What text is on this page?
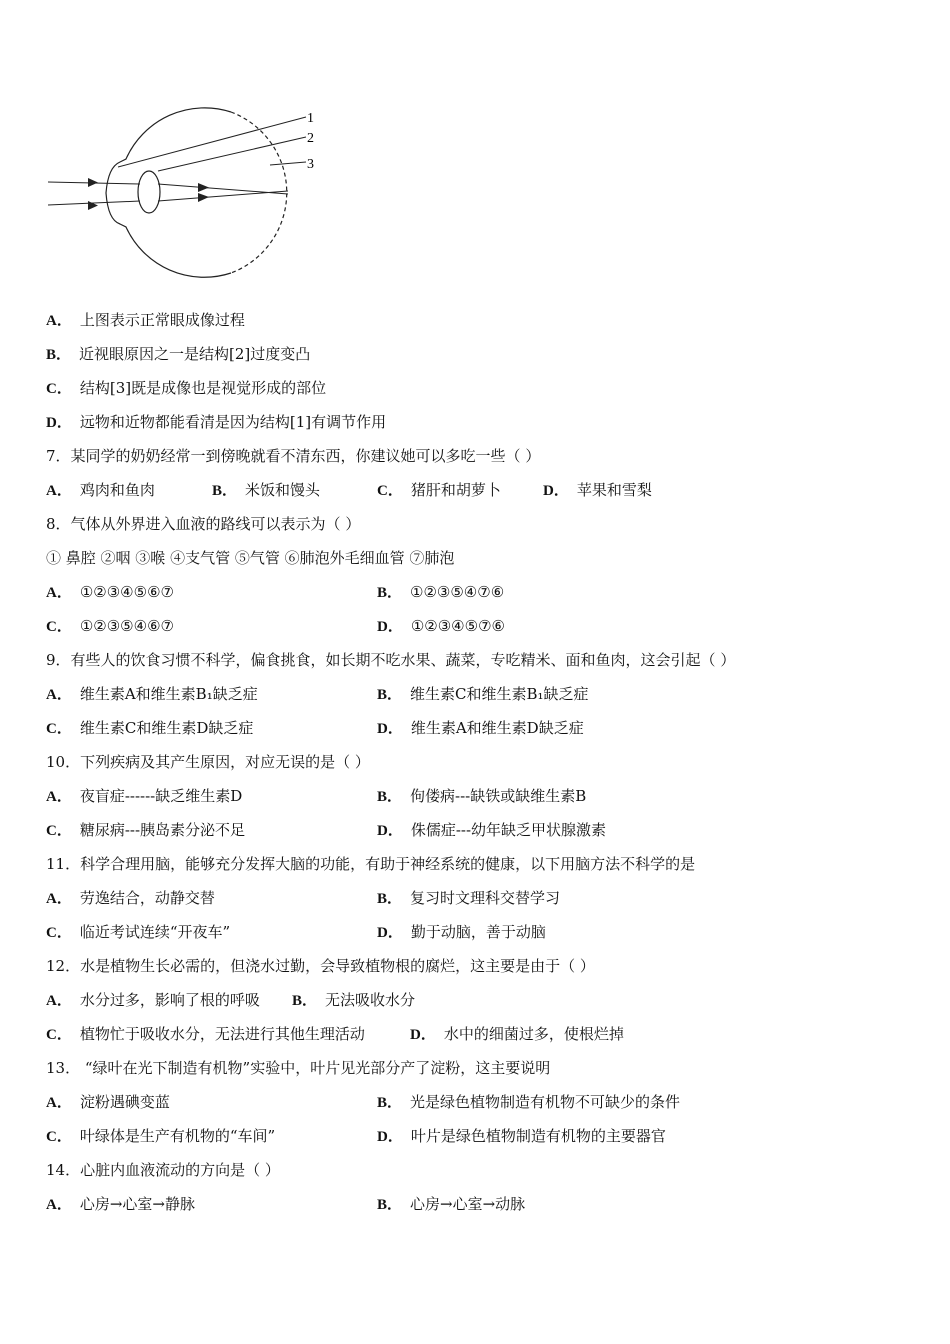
1
2
3
A． 上图表示正常眼成像过程
B． 近视眼原因之一是结构[2]过度变凸
C． 结构[3]既是成像也是视觉形成的部位
D． 远物和近物都能看清是因为结构[1]有调节作用
7．某同学的奶奶经常一到傍晚就看不清东西，你建议她可以多吃一些（ ）
A． 鸡肉和鱼肉	B． 米饭和馒头	C． 猪肝和胡萝卜	D． 苹果和雪梨
8．气体从外界进入血液的路线可以表示为（ ）
① 鼻腔 ②咽 ③喉 ④支气管 ⑤气管 ⑥肺泡外毛细血管 ⑦肺泡
A． ①②③④⑤⑥⑦	B． ①②③⑤④⑦⑥
C． ①②③⑤④⑥⑦	D． ①②③④⑤⑦⑥
9．有些人的饮食习惯不科学，偏食挑食，如长期不吃水果、蔬菜，专吃精米、面和鱼肉，这会引起（ ）
A． 维生素A和维生素B₁缺乏症	B． 维生素C和维生素B₁缺乏症
C． 维生素C和维生素D缺乏症	D． 维生素A和维生素D缺乏症
10．下列疾病及其产生原因，对应无误的是（ ）
A． 夜盲症------缺乏维生素D	B． 佝偻病---缺铁或缺维生素B
C． 糖尿病---胰岛素分泌不足	D． 侏儒症---幼年缺乏甲状腺激素
11．科学合理用脑，能够充分发挥大脑的功能，有助于神经系统的健康，以下用脑方法不科学的是
A． 劳逸结合，动静交替	B． 复习时文理科交替学习
C． 临近考试连续“开夜车”	D． 勤于动脑，善于动脑
12．水是植物生长必需的，但浇水过勤，会导致植物根的腐烂，这主要是由于（ ）
A． 水分过多，影响了根的呼吸 B． 无法吸收水分
C． 植物忙于吸收水分，无法进行其他生理活动	D． 水中的细菌过多，使根烂掉
13． “绿叶在光下制造有机物”实验中，叶片见光部分产了淀粉，这主要说明
A． 淀粉遇碘变蓝	B． 光是绿色植物制造有机物不可缺少的条件
C． 叶绿体是生产有机物的“车间”	D． 叶片是绿色植物制造有机物的主要器官
14．心脏内血液流动的方向是（ ）
A． 心房→心室→静脉	B． 心房→心室→动脉
